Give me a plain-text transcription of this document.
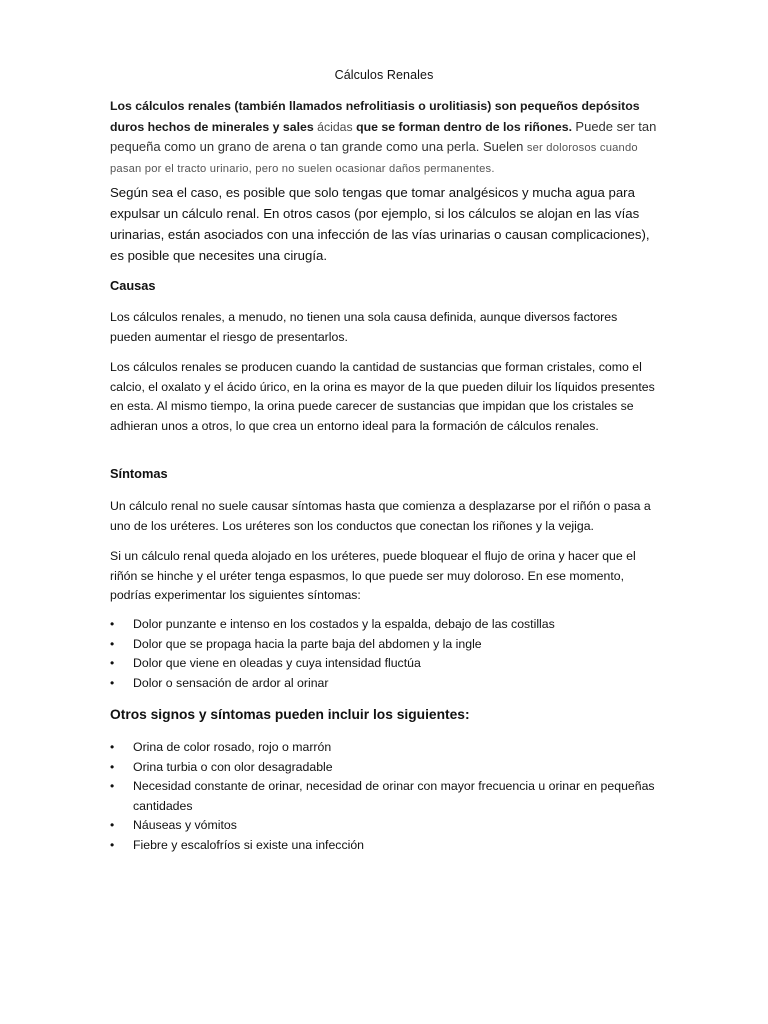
Cálculos Renales

Los cálculos renales (también llamados nefrolitiasis o urolitiasis) son pequeños depósitos duros hechos de minerales y sales ácidas que se forman dentro de los riñones. Puede ser tan pequeña como un grano de arena o tan grande como una perla. Suelen ser dolorosos cuando pasan por el tracto urinario, pero no suelen ocasionar daños permanentes.

Según sea el caso, es posible que solo tengas que tomar analgésicos y mucha agua para expulsar un cálculo renal. En otros casos (por ejemplo, si los cálculos se alojan en las vías urinarias, están asociados con una infección de las vías urinarias o causan complicaciones), es posible que necesites una cirugía.

Causas

Los cálculos renales, a menudo, no tienen una sola causa definida, aunque diversos factores pueden aumentar el riesgo de presentarlos.

Los cálculos renales se producen cuando la cantidad de sustancias que forman cristales, como el calcio, el oxalato y el ácido úrico, en la orina es mayor de la que pueden diluir los líquidos presentes en esta. Al mismo tiempo, la orina puede carecer de sustancias que impidan que los cristales se adhieran unos a otros, lo que crea un entorno ideal para la formación de cálculos renales.

Síntomas

Un cálculo renal no suele causar síntomas hasta que comienza a desplazarse por el riñón o pasa a uno de los uréteres. Los uréteres son los conductos que conectan los riñones y la vejiga.

Si un cálculo renal queda alojado en los uréteres, puede bloquear el flujo de orina y hacer que el riñón se hinche y el uréter tenga espasmos, lo que puede ser muy doloroso. En ese momento, podrías experimentar los siguientes síntomas:

• Dolor punzante e intenso en los costados y la espalda, debajo de las costillas
• Dolor que se propaga hacia la parte baja del abdomen y la ingle
• Dolor que viene en oleadas y cuya intensidad fluctúa
• Dolor o sensación de ardor al orinar
Otros signos y síntomas pueden incluir los siguientes:
• Orina de color rosado, rojo o marrón
• Orina turbia o con olor desagradable
• Necesidad constante de orinar, necesidad de orinar con mayor frecuencia u orinar en pequeñas cantidades
• Náuseas y vómitos
• Fiebre y escalofríos si existe una infección
